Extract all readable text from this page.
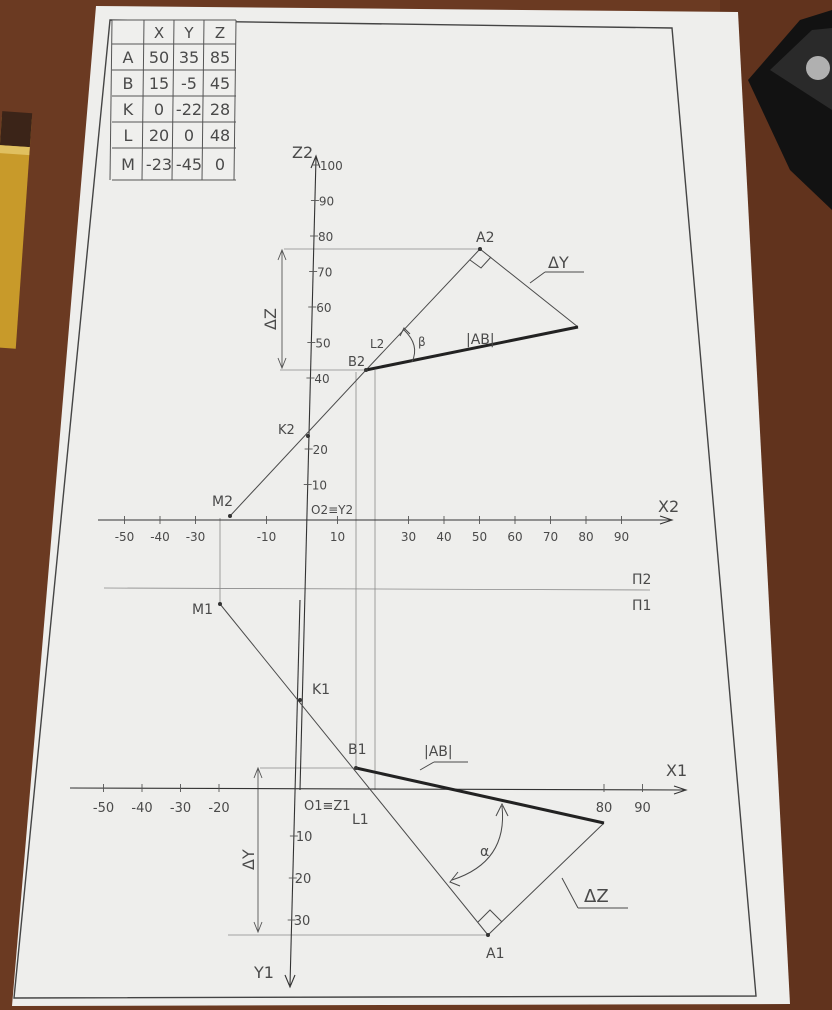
X Y Z
A 50 35 85
B 15 -5 45
K 0 -22 28
L 20 0 48
M -23 -45 0	100
90
80
70
60
50
40
20
10
-50 -40 -30	-10	10	30 40 50 60 70 80 90
-50 -40 -30 -20	80 90
10
20
30
Z2
X2
X1
Y1
O2≡Y2
O1≡Z1
П2
П1
A2
B2
L2
K2
M2
A1
B1
L1
K1
M1
|AB|
|AB|
ΔY
ΔZ
ΔY
ΔZ
β
α
